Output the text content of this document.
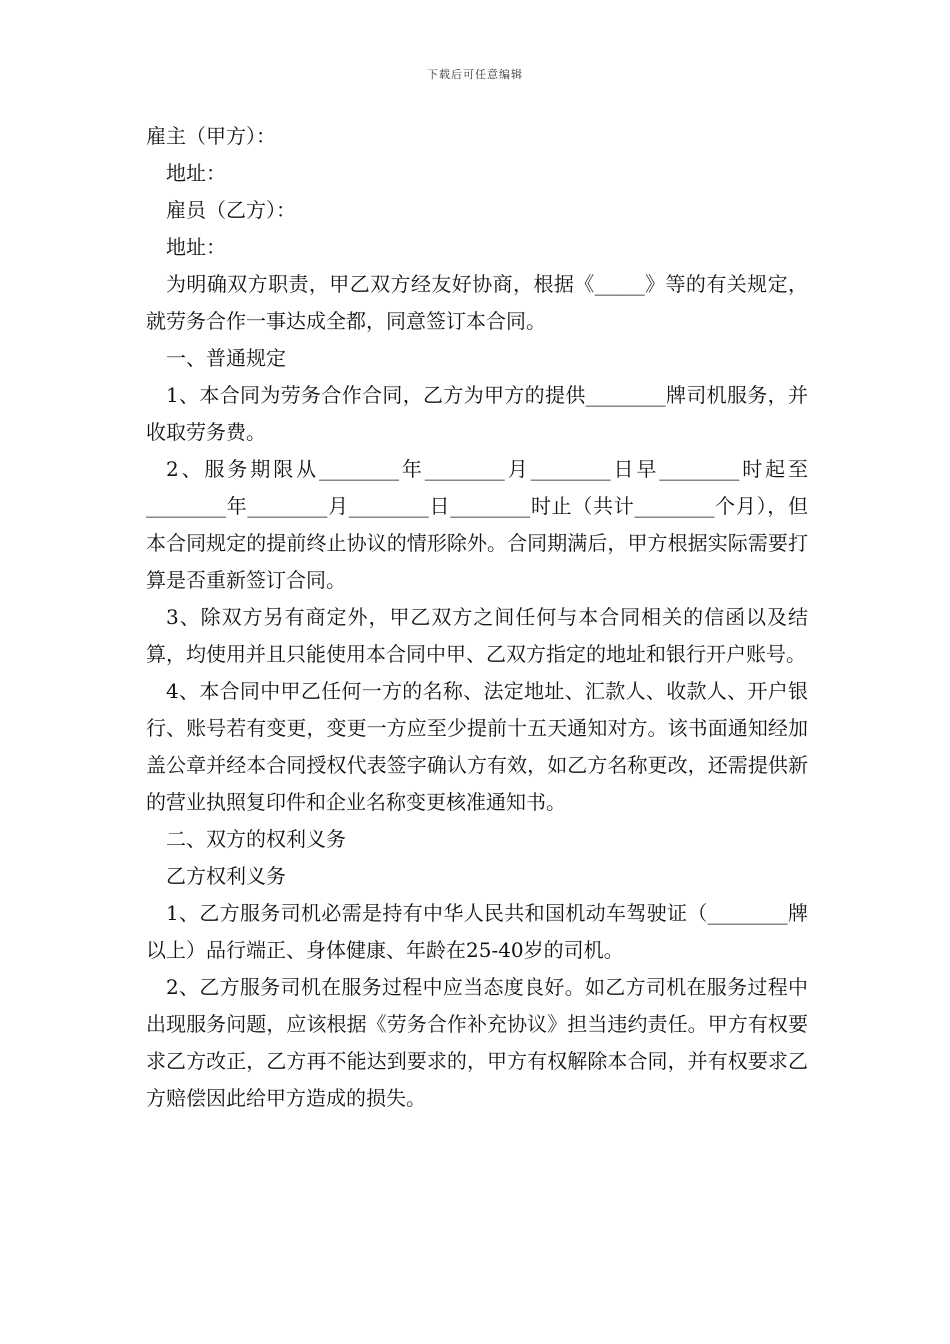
下载后可任意编辑

雇主（甲方）：

地址：

雇员（乙方）：

地址：

为明确双方职责，甲乙双方经友好协商，根据《_____》等的有关规定，就劳务合作一事达成全都，同意签订本合同。

一、普通规定

1、本合同为劳务合作合同，乙方为甲方的提供________牌司机服务，并收取劳务费。

2、服务期限从________年________月________日早________时起至________年________月________日________时止（共计________个月），但本合同规定的提前终止协议的情形除外。合同期满后，甲方根据实际需要打算是否重新签订合同。

3、除双方另有商定外，甲乙双方之间任何与本合同相关的信函以及结算，均使用并且只能使用本合同中甲、乙双方指定的地址和银行开户账号。

4、本合同中甲乙任何一方的名称、法定地址、汇款人、收款人、开户银行、账号若有变更，变更一方应至少提前十五天通知对方。该书面通知经加盖公章并经本合同授权代表签字确认方有效，如乙方名称更改，还需提供新的营业执照复印件和企业名称变更核准通知书。

二、双方的权利义务

乙方权利义务

1、乙方服务司机必需是持有中华人民共和国机动车驾驶证（________牌以上）品行端正、身体健康、年龄在25-40岁的司机。

2、乙方服务司机在服务过程中应当态度良好。如乙方司机在服务过程中出现服务问题，应该根据《劳务合作补充协议》担当违约责任。甲方有权要求乙方改正，乙方再不能达到要求的，甲方有权解除本合同，并有权要求乙方赔偿因此给甲方造成的损失。
